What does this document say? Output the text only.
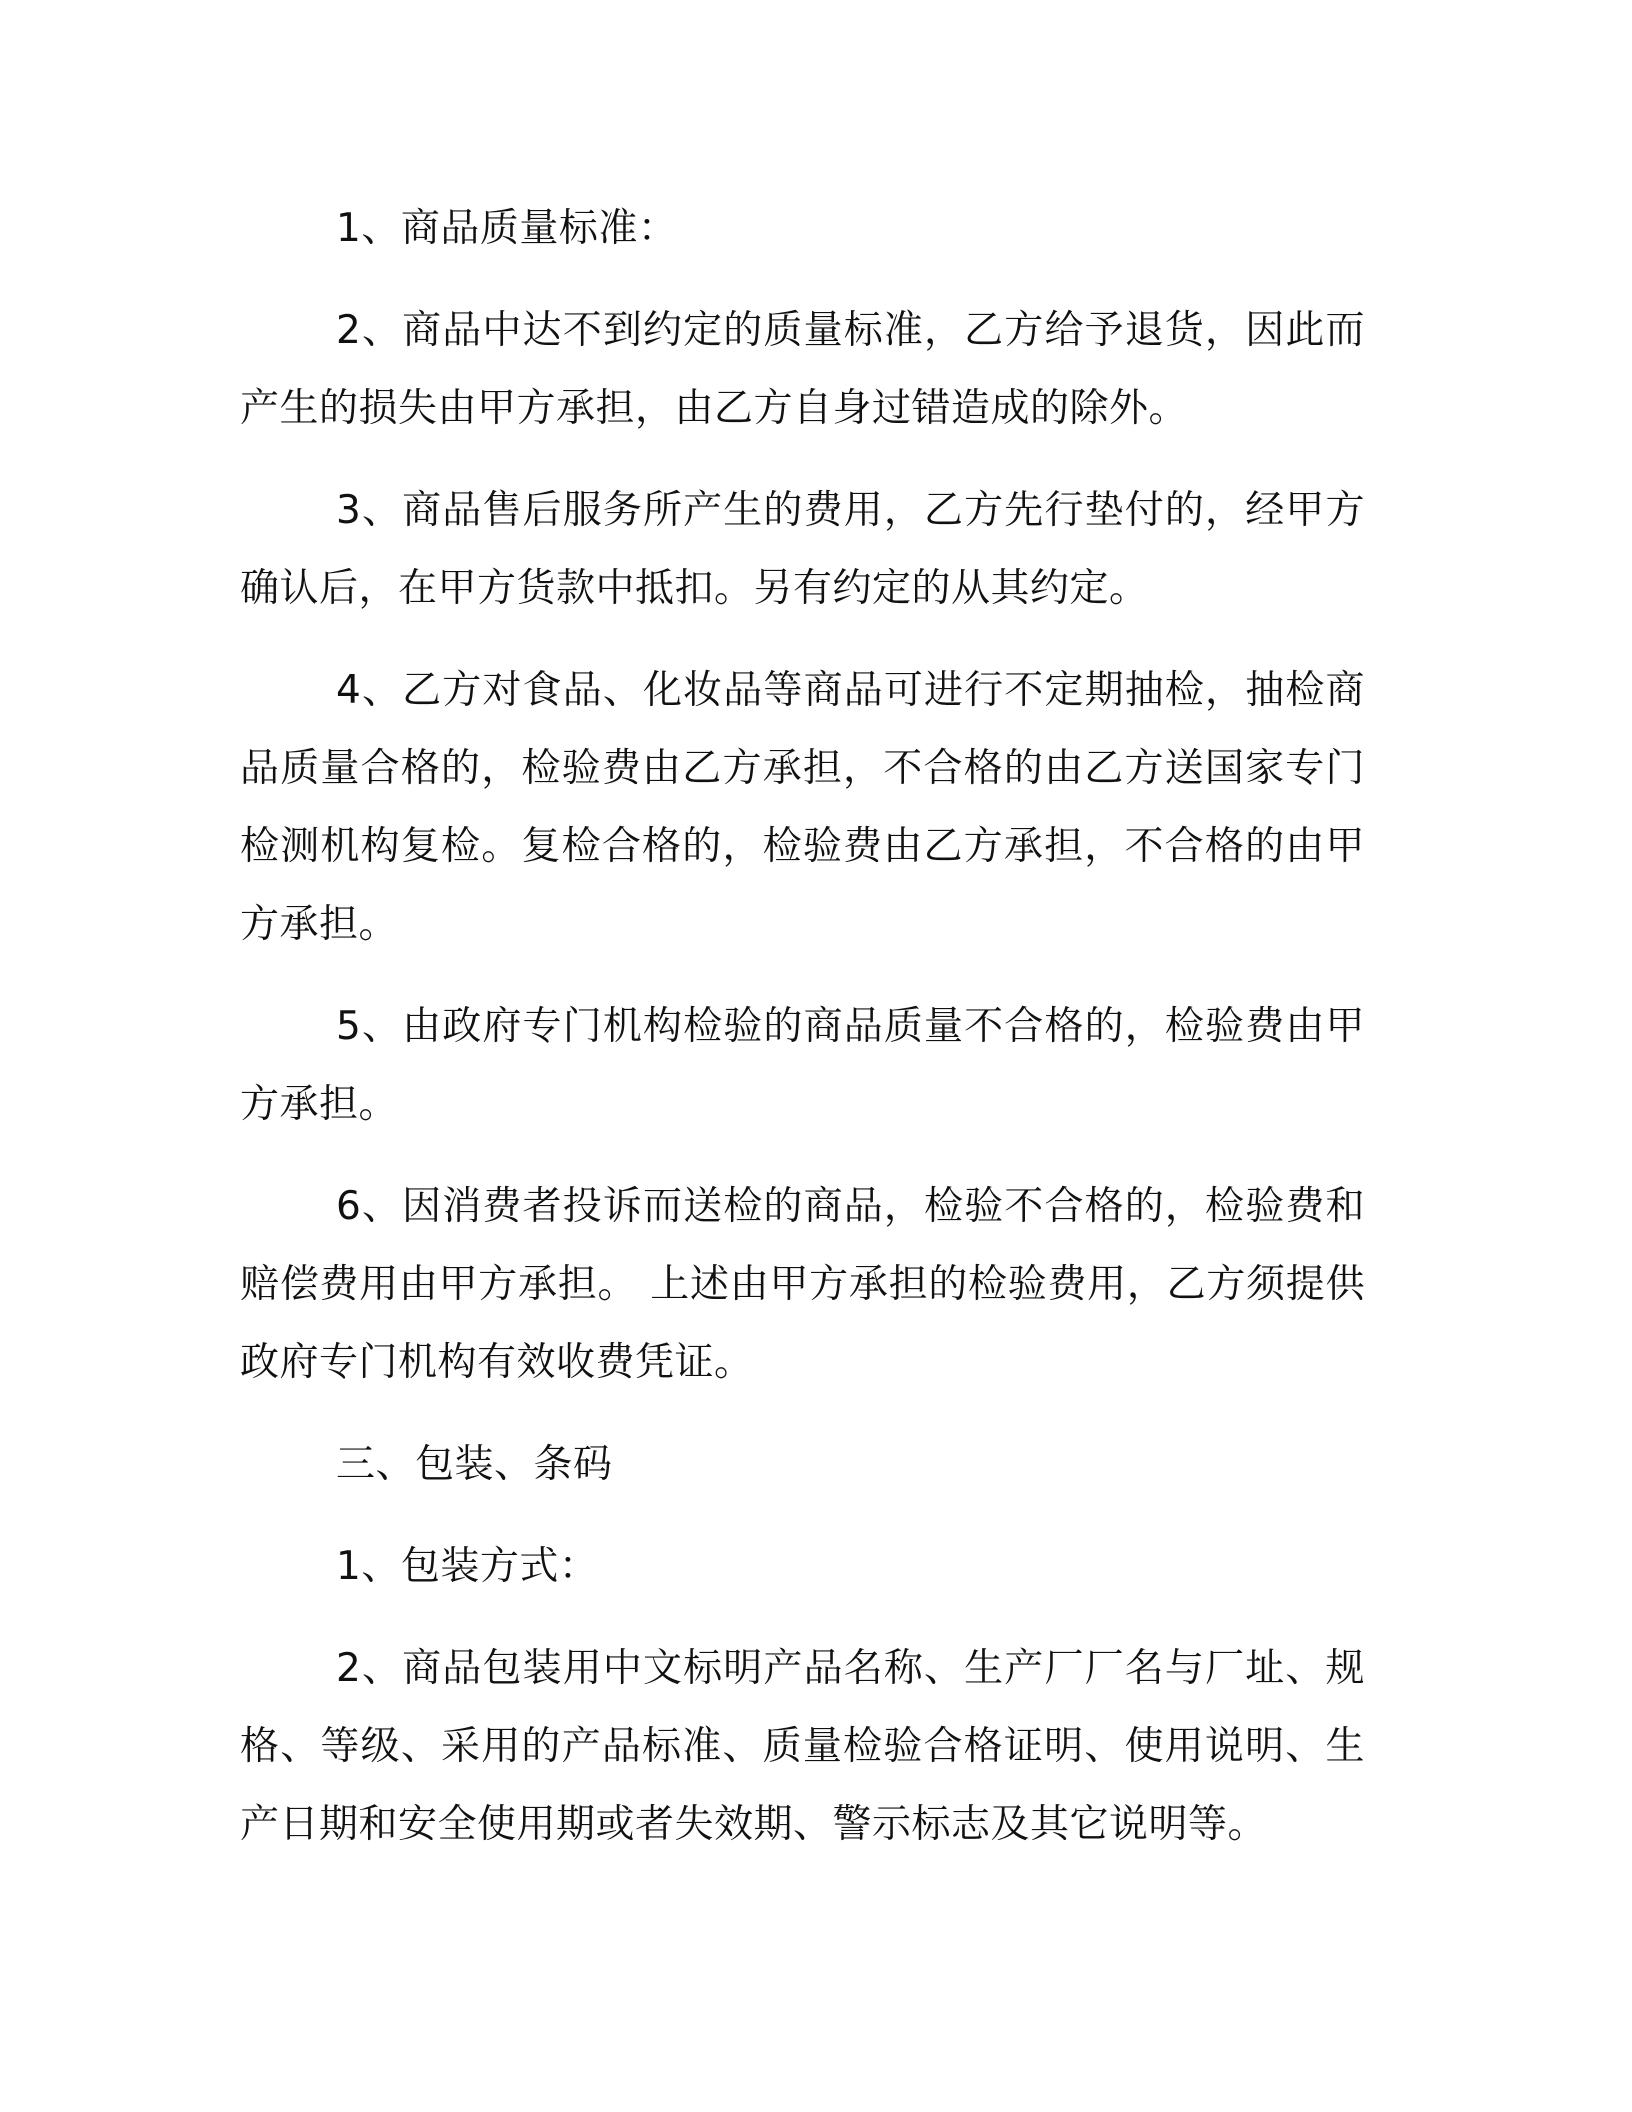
1、商品质量标准：

2、商品中达不到约定的质量标准，乙方给予退货，因此而产生的损失由甲方承担，由乙方自身过错造成的除外。

3、商品售后服务所产生的费用，乙方先行垫付的，经甲方确认后，在甲方货款中抵扣。另有约定的从其约定。

4、乙方对食品、化妆品等商品可进行不定期抽检，抽检商品质量合格的，检验费由乙方承担，不合格的由乙方送国家专门检测机构复检。复检合格的，检验费由乙方承担，不合格的由甲方承担。

5、由政府专门机构检验的商品质量不合格的，检验费由甲方承担。

6、因消费者投诉而送检的商品，检验不合格的，检验费和赔偿费用由甲方承担。 上述由甲方承担的检验费用，乙方须提供政府专门机构有效收费凭证。

三、包装、条码

1、包装方式：

2、商品包装用中文标明产品名称、生产厂厂名与厂址、规格、等级、采用的产品标准、质量检验合格证明、使用说明、生产日期和安全使用期或者失效期、警示标志及其它说明等。
